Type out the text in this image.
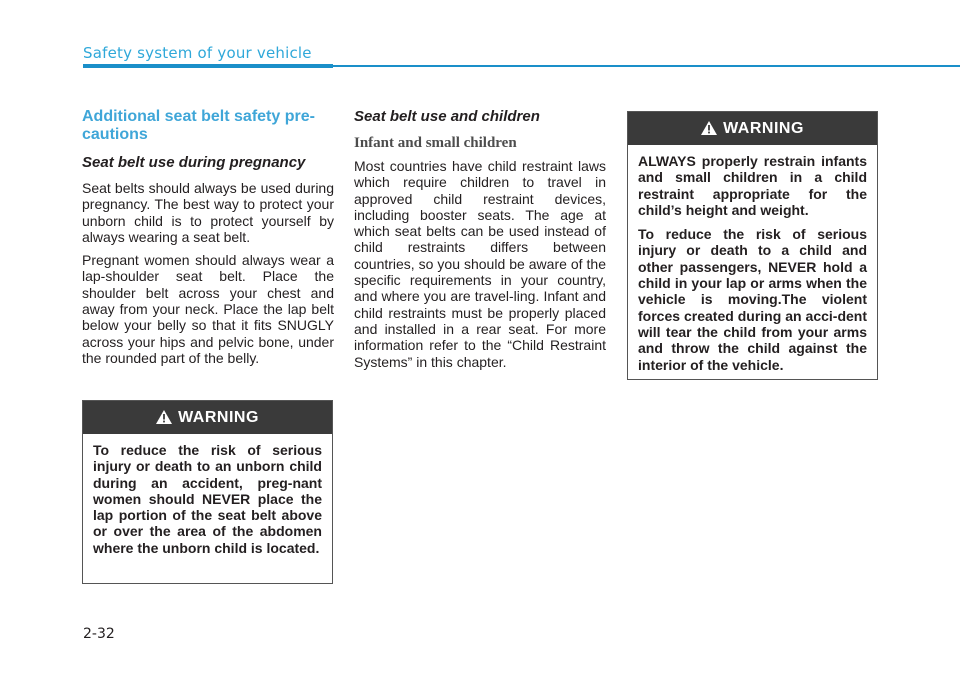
Safety system of your vehicle
Additional seat belt safety pre-cautions
Seat belt use during pregnancy

Seat belts should always be used during pregnancy. The best way to protect your unborn child is to protect yourself by always wearing a seat belt.

Pregnant women should always wear a lap-shoulder seat belt. Place the shoulder belt across your chest and away from your neck. Place the lap belt below your belly so that it fits SNUGLY across your hips and pelvic bone, under the rounded part of the belly.

WARNING

To reduce the risk of serious injury or death to an unborn child during an accident, preg-nant women should NEVER place the lap portion of the seat belt above or over the area of the abdomen where the unborn child is located.

Seat belt use and children
Infant and small children

Most countries have child restraint laws which require children to travel in approved child restraint devices, including booster seats. The age at which seat belts can be used instead of child restraints differs between countries, so you should be aware of the specific requirements in your country, and where you are travel-ling. Infant and child restraints must be properly placed and installed in a rear seat. For more information refer to the “Child Restraint Systems” in this chapter.

WARNING

ALWAYS properly restrain infants and small children in a child restraint appropriate for the child’s height and weight.

To reduce the risk of serious injury or death to a child and other passengers, NEVER hold a child in your lap or arms when the vehicle is moving.The violent forces created during an acci-dent will tear the child from your arms and throw the child against the interior of the vehicle.

2-32
